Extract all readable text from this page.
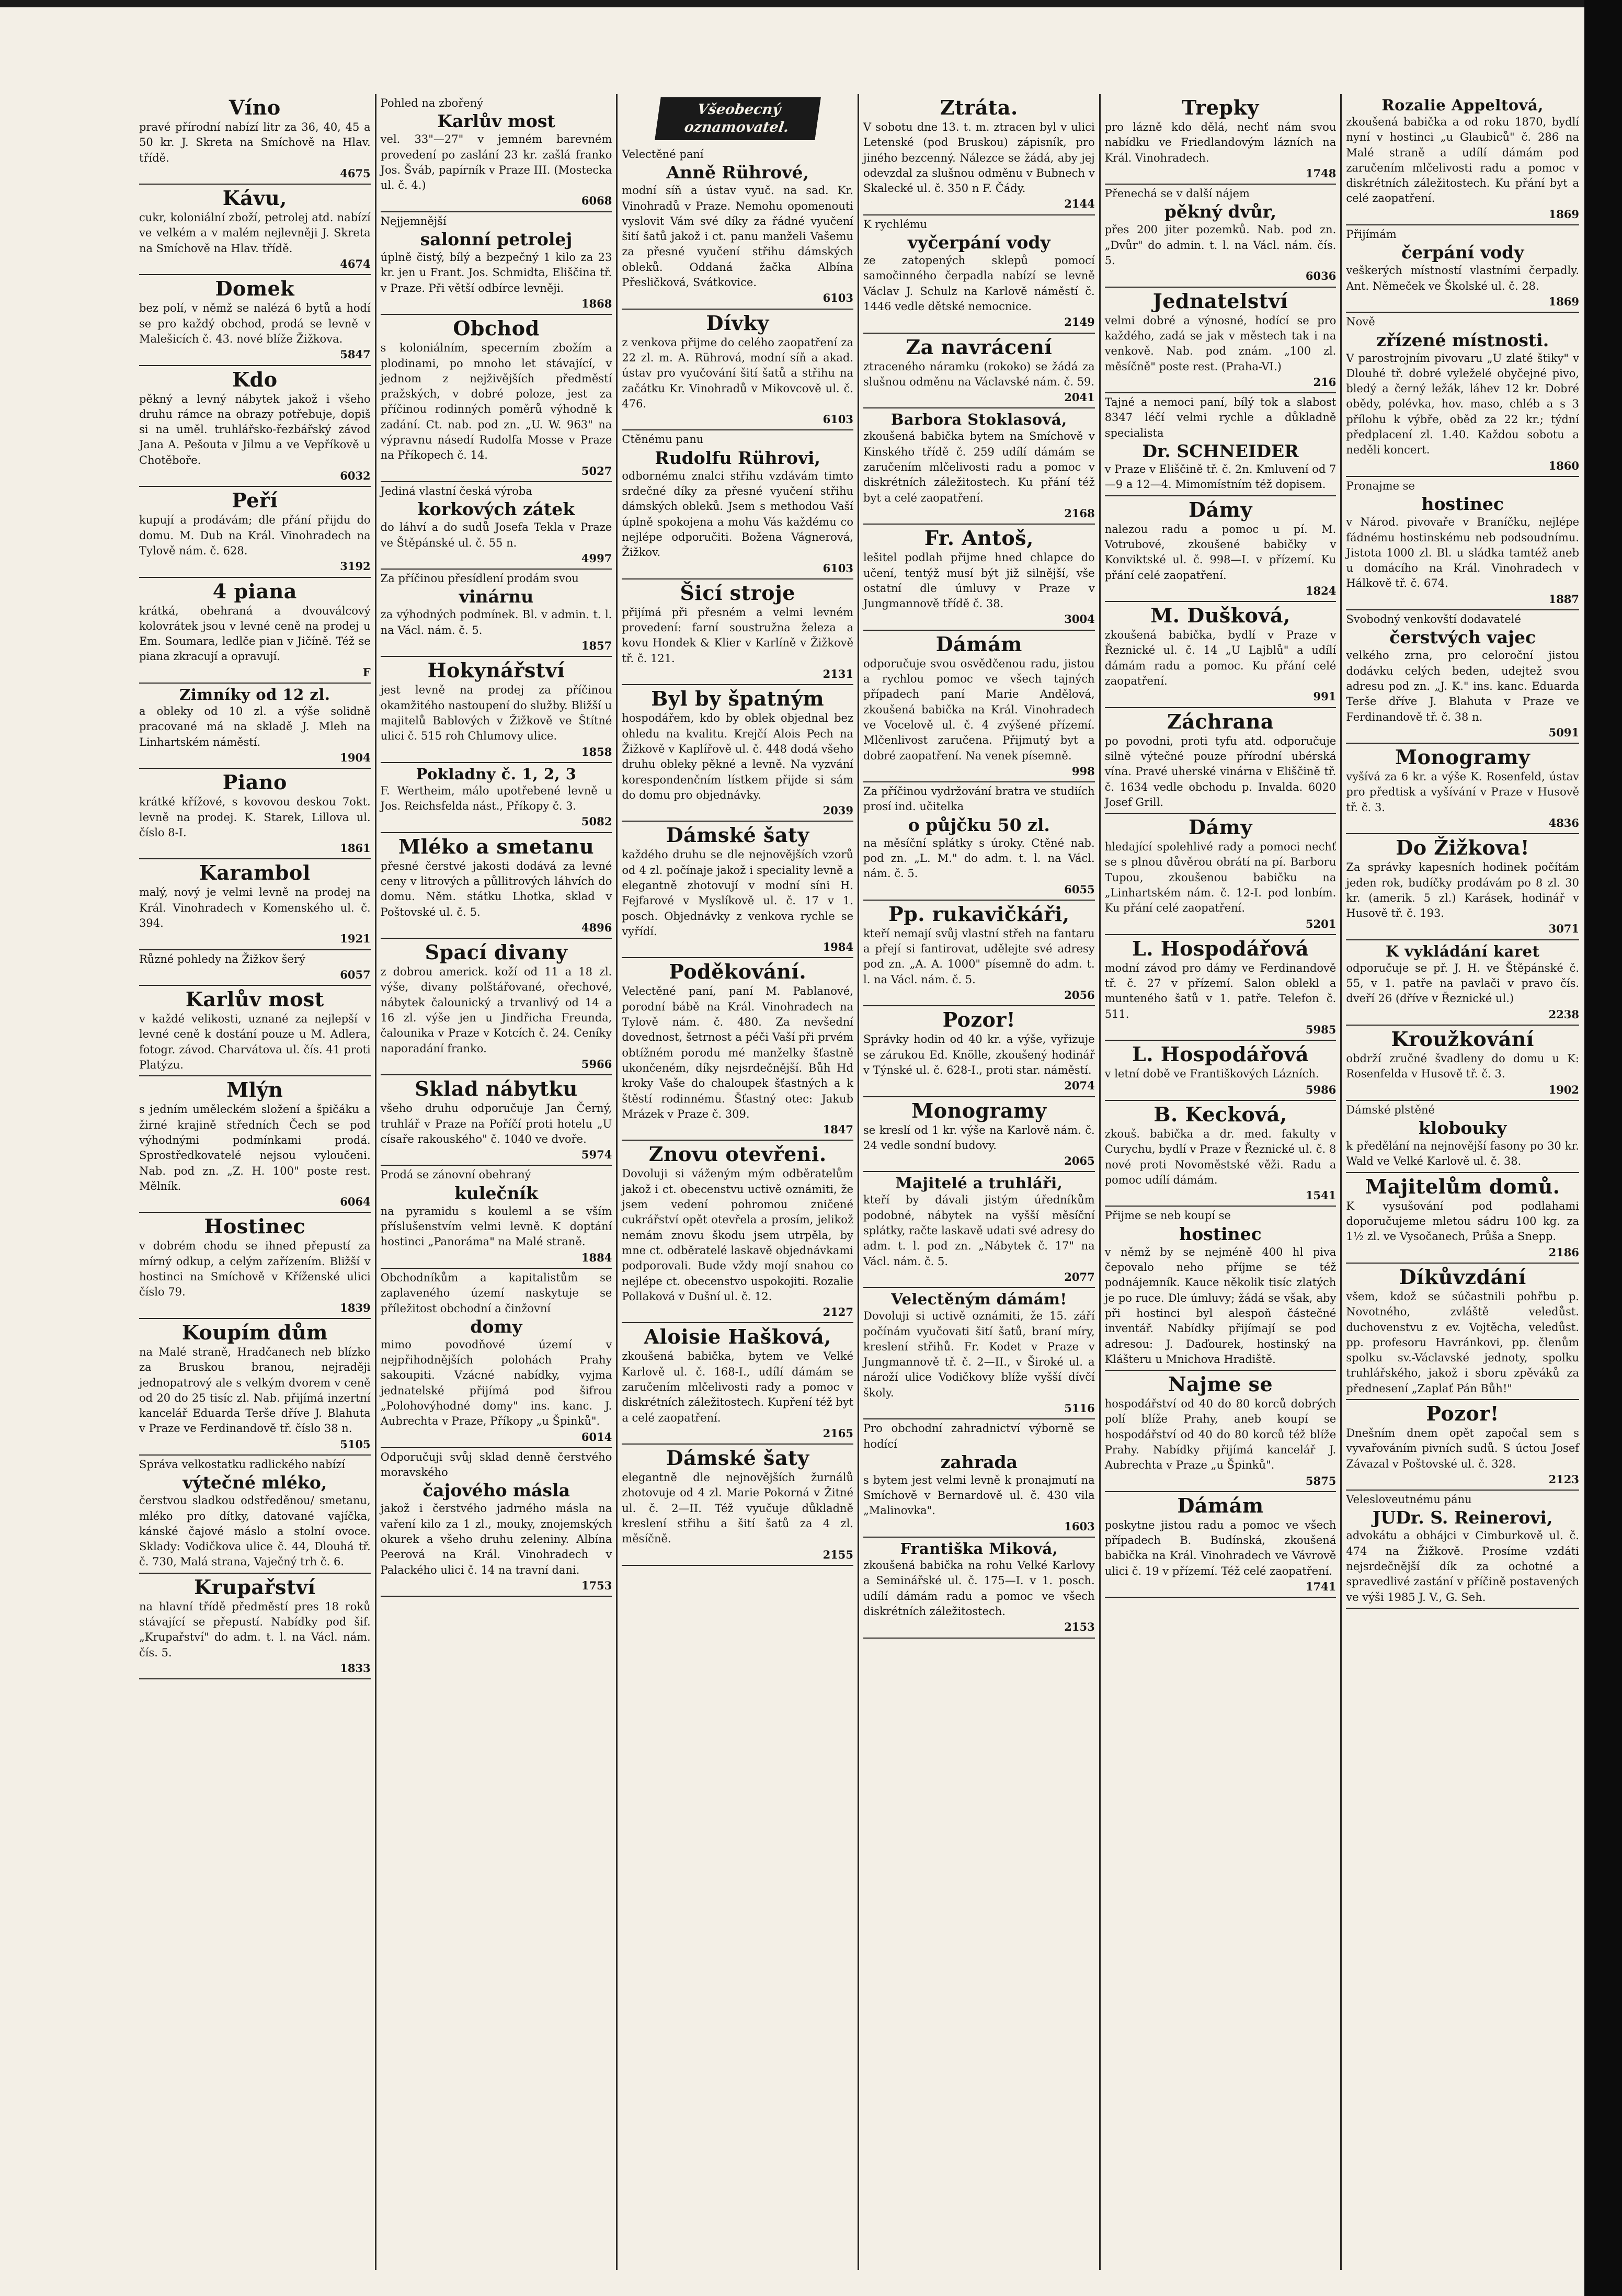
Víno
pravé přírodní nabízí litr za 36, 40, 45 a 50 kr. J. Skreta na Smíchově na Hlav. třídě.
4675
Kávu,
cukr, koloniální zboží, petrolej atd. nabízí ve velkém a v malém nejlevněji J. Skreta na Smíchově na Hlav. třídě.
4674
Domek
bez polí, v němž se nalézá 6 bytů a hodí se pro každý obchod, prodá se levně v Malešicích č. 43. nové blíže Žižkova.
5847
Kdo
pěkný a levný nábytek jakož i všeho druhu rámce na obrazy potřebuje, dopiš si na uměl. truhlářsko-řezbářský závod Jana A. Pešouta v Jilmu a ve Vepříkově u Chotěboře.
6032
Peří
kupují a prodávám; dle přání přijdu do domu. M. Dub na Král. Vinohradech na Tylově nám. č. 628.
3192
4 piana
krátká, obehraná a dvouválcový kolovrátek jsou v levné ceně na prodej u Em. Soumara, ledlče pian v Jičíně. Též se piana zkracují a opravují.
F
Zimníky od 12 zl.
a obleky od 10 zl. a výše solidně pracované má na skladě J. Mleh na Linhartském náměstí.
1904
Piano
krátké křížové, s kovovou deskou 7okt. levně na prodej. K. Starek, Lillova ul. číslo 8-I.
1861
Karambol
malý, nový je velmi levně na prodej na Král. Vinohradech v Komenského ul. č. 394.
1921
Různé pohledy na Žižkov šerý
6057
Karlův most
v každé velikosti, uznané za nejlepší v levné ceně k dostání pouze u M. Adlera, fotogr. závod. Charvátova ul. čís. 41 proti Platýzu.
Mlýn
s jedním uměleckém složení a špičáku a žirné krajině středních Čech se pod výhodnými podmínkami prodá. Sprostředkovatelé nejsou vyloučeni. Nab. pod zn. „Z. H. 100" poste rest. Mělník.
6064
Hostinec
v dobrém chodu se ihned přepustí za mírný odkup, a celým zařízením. Bližší v hostinci na Smíchově v Kříženské ulici číslo 79.
1839
Koupím dům
na Malé straně, Hradčanech neb blízko za Bruskou branou, nejraději jednopatrový ale s velkým dvorem v ceně od 20 do 25 tisíc zl. Nab. přijímá inzertní kancelář Eduarda Terše dříve J. Blahuta v Praze ve Ferdinandově tř. číslo 38 n.
5105
Správa velkostatku radlického nabízí
výtečné mléko,
čerstvou sladkou odstředěnou/ smetanu, mléko pro dítky, datované vajíčka, kánské čajové máslo a stolní ovoce. Sklady: Vodičkova ulice č. 44, Dlouhá tř. č. 730, Malá strana, Vaječný trh č. 6.
Krupařství
na hlavní třídě předměstí pres 18 roků stávající se přepustí. Nabídky pod šif. „Krupařství" do adm. t. l. na Václ. nám. čís. 5.
1833
Pohled na zbořený
Karlův most
vel. 33"—27" v jemném barevném provedení po zaslání 23 kr. zašlá franko Jos. Šváb, papírník v Praze III. (Mostecka ul. č. 4.)
6068
Nejjemnější
salonní petrolej
úplně čistý, bílý a bezpečný 1 kilo za 23 kr. jen u Frant. Jos. Schmidta, Eliščina tř. v Praze. Při větší odbírce levněji.
1868
Obchod
s koloniálním, specerním zbožím a plodinami, po mnoho let stávající, v jednom z nejživějších předměstí pražských, v dobré poloze, jest za příčinou rodinných poměrů výhodně k zadání. Ct. nab. pod zn. „U. W. 963" na výpravnu násedí Rudolfa Mosse v Praze na Příkopech č. 14.
5027
Jediná vlastní česká výroba
korkových zátek
do láhví a do sudů Josefa Tekla v Praze ve Štěpánské ul. č. 55 n.
4997
Za příčinou přesídlení prodám svou
vinárnu
za výhodných podmínek. Bl. v admin. t. l. na Václ. nám. č. 5.
1857
Hokynářství
jest levně na prodej za příčinou okamžitého nastoupení do služby. Bližší u majitelů Bablových v Žižkově ve Štítné ulici č. 515 roh Chlumovy ulice.
1858
Pokladny č. 1, 2, 3
F. Wertheim, málo upotřebené levně u Jos. Reichsfelda nást., Příkopy č. 3.
5082
Mléko a smetanu
přesné čerstvé jakosti dodává za levné ceny v litrových a půllitrových láhvích do domu. Něm. státku Lhotka, sklad v Poštovské ul. č. 5.
4896
Spací divany
z dobrou americk. koží od 11 a 18 zl. výše, divany polštářované, ořechové, nábytek čalounický a trvanlivý od 14 a 16 zl. výše jen u Jindřicha Freunda, čalounika v Praze v Kotcích č. 24. Ceníky naporadání franko.
5966
Sklad nábytku
všeho druhu odporučuje Jan Černý, truhlář v Praze na Poříčí proti hotelu „U císaře rakouského" č. 1040 ve dvoře.
5974
Prodá se zánovní obehraný
kulečník
na pyramidu s kouleml a se vším příslušenstvím velmi levně. K doptání hostinci „Panoráma" na Malé straně.
1884
Obchodníkům a kapitalistům se zaplaveného území naskytuje se příležitost obchodní a činžovní
domy
mimo povodňové území v nejpřihodnějších polohách Prahy sakoupiti. Vzácné nabídky, vyjma jednatelské přijímá pod šifrou „Polohovýhodné domy" ins. kanc. J. Aubrechta v Praze, Příkopy „u Špinků".
6014
Odporučuji svůj sklad denně čerstvého moravského
čajového másla
jakož i čerstvého jadrného másla na vaření kilo za 1 zl., mouky, znojemských okurek a všeho druhu zeleniny. Albína Peerová na Král. Vinohradech v Palackého ulici č. 14 na travní dani.
1753
Všeobecný
oznamovatel.
Velectěné paní
Anně Rührové,
modní síň a ústav vyuč. na sad. Kr. Vinohradů v Praze. Nemohu opomenouti vyslovit Vám své díky za řádné vyučení šití šatů jakož i ct. panu manželi Vašemu za přesné vyučení střihu dámských obleků. Oddaná žačka Albína Přesličková, Svátkovice.
6103
Dívky
z venkova přijme do celého zaopatření za 22 zl. m. A. Rührová, modní síň a akad. ústav pro vyučování šití šatů a střihu na začátku Kr. Vinohradů v Mikovcově ul. č. 476.
6103
Ctěnému panu
Rudolfu Rührovi,
odbornému znalci střihu vzdávám timto srdečné díky za přesné vyučení střihu dámských obleků. Jsem s methodou Vaší úplně spokojena a mohu Vás každému co nejlépe odporučiti. Božena Vágnerová, Žižkov.
6103
Šicí stroje
přijímá při přesném a velmi levném provedení: farní soustružna železa a kovu Hondek & Klier v Karlíně v Žižkově tř. č. 121.
2131
Byl by špatným
hospodářem, kdo by oblek objednal bez ohledu na kvalitu. Krejčí Alois Pech na Žižkově v Kaplířově ul. č. 448 dodá všeho druhu obleky pěkné a levně. Na vyzvání korespondenčním lístkem přijde si sám do domu pro objednávky.
2039
Dámské šaty
každého druhu se dle nejnovějších vzorů od 4 zl. počínaje jakož i speciality levně a elegantně zhotovují v modní síni H. Fejfarové v Myslíkově ul. č. 17 v 1. posch. Objednávky z venkova rychle se vyřídí.
1984
Poděkování.
Velectěné paní, paní M. Pablanové, porodní bábě na Král. Vinohradech na Tylově nám. č. 480. Za nevšední dovednost, šetrnost a péči Vaší při prvém obtížném porodu mé manželky šťastně ukončeném, díky nejsrdečnější. Bůh Hd kroky Vaše do chaloupek šťastných a k štěstí rodinnému. Šťastný otec: Jakub Mrázek v Praze č. 309.
1847
Znovu otevřeni.
Dovoluji si váženým mým odběratelům jakož i ct. obecenstvu uctivě oznámiti, že jsem vedení pohromou zničené cukrářství opět otevřela a prosím, jelikož nemám znovu škodu jsem utrpěla, by mne ct. odběratelé laskavě objednávkami podporovali. Bude vždy mojí snahou co nejlépe ct. obecenstvo uspokojiti. Rozalie Pollaková v Dušní ul. č. 12.
2127
Aloisie Hašková,
zkoušená babička, bytem ve Velké Karlově ul. č. 168-I., udílí dámám se zaručením mlčelivosti rady a pomoc v diskrétních záležitostech. Kupření též byt a celé zaopatření.
2165
Dámské šaty
elegantně dle nejnovějších žurnálů zhotovuje od 4 zl. Marie Pokorná v Žitné ul. č. 2—II. Též vyučuje důkladně kreslení střihu a šití šatů za 4 zl. měsíčně.
2155
Ztráta.
V sobotu dne 13. t. m. ztracen byl v ulici Letenské (pod Bruskou) zápisník, pro jiného bezcenný. Nálezce se žádá, aby jej odevzdal za slušnou odměnu v Bubnech v Skalecké ul. č. 350 n F. Čády.
2144
K rychlému
vyčerpání vody
ze zatopených sklepů pomocí samočinného čerpadla nabízí se levně Václav J. Schulz na Karlově náměstí č. 1446 vedle dětské nemocnice.
2149
Za navrácení
ztraceného náramku (rokoko) se žádá za slušnou odměnu na Václavské nám. č. 59.
2041
Barbora Stoklasová,
zkoušená babička bytem na Smíchově v Kinského třídě č. 259 udílí dámám se zaručením mlčelivosti radu a pomoc v diskrétních záležitostech. Ku přání též byt a celé zaopatření.
2168
Fr. Antoš,
lešitel podlah přijme hned chlapce do učení, tentýž musí být již silnější, vše ostatní dle úmluvy v Praze v Jungmannově třídě č. 38.
3004
Dámám
odporučuje svou osvědčenou radu, jistou a rychlou pomoc ve všech tajných případech paní Marie Andělová, zkoušená babička na Král. Vinohradech ve Vocelově ul. č. 4 zvýšené přízemí. Mlčenlivost zaručena. Přijmutý byt a dobré zaopatření. Na venek písemně.
998
Za příčinou vydržování bratra ve studiích prosí ind. učitelka
o půjčku 50 zl.
na měsíční splátky s úroky. Ctěné nab. pod zn. „L. M." do adm. t. l. na Václ. nám. č. 5.
6055
Pp. rukavičkáři,
kteří nemají svůj vlastní střeh na fantaru a přejí si fantirovat, udělejte své adresy pod zn. „A. A. 1000" písemně do adm. t. l. na Václ. nám. č. 5.
2056
Pozor!
Správky hodin od 40 kr. a výše, vyřizuje se zárukou Ed. Knölle, zkoušený hodinář v Týnské ul. č. 628-I., proti star. náměstí.
2074
Monogramy
se kreslí od 1 kr. výše na Karlově nám. č. 24 vedle sondní budovy.
2065
Majitelé a truhláři,
kteří by dávali jistým úředníkům podobné, nábytek na vyšší měsíční splátky, račte laskavě udati své adresy do adm. t. l. pod zn. „Nábytek č. 17" na Václ. nám. č. 5.
2077
Velectěným dámám!
Dovoluji si uctivě oznámiti, že 15. září počínám vyučovati šití šatů, braní míry, kreslení střihů. Fr. Kodet v Praze v Jungmannově tř. č. 2—II., v Široké ul. a nároží ulice Vodičkovy blíže vyšší dívčí školy.
5116
Pro obchodní zahradnictví výborně se hodící
zahrada
s bytem jest velmi levně k pronajmutí na Smíchově v Bernardově ul. č. 430 vila „Malinovka".
1603
Františka Miková,
zkoušená babička na rohu Velké Karlovy a Seminářské ul. č. 175—I. v 1. posch. udílí dámám radu a pomoc ve všech diskrétních záležitostech.
2153
Trepky
pro lázně kdo dělá, nechť nám svou nabídku ve Friedlandovým lázních na Král. Vinohradech.
1748
Přenechá se v další nájem
pěkný dvůr,
přes 200 jiter pozemků. Nab. pod zn. „Dvůr" do admin. t. l. na Václ. nám. čís. 5.
6036
Jednatelství
velmi dobré a výnosné, hodící se pro každého, zadá se jak v městech tak i na venkově. Nab. pod znám. „100 zl. měsíčně" poste rest. (Praha-VI.)
216
Tajné a nemoci paní, bílý tok a slabost 8347 léčí velmi rychle a důkladně specialista
Dr. SCHNEIDER
v Praze v Eliščině tř. č. 2n. Kmluvení od 7—9 a 12—4. Mimomístním též dopisem.
Dámy
nalezou radu a pomoc u pí. M. Votrubové, zkoušené babičky v Konviktské ul. č. 998—I. v přízemí. Ku přání celé zaopatření.
1824
M. Dušková,
zkoušená babička, bydlí v Praze v Řeznické ul. č. 14 „U Lajblů" a udílí dámám radu a pomoc. Ku přání celé zaopatření.
991
Záchrana
po povodni, proti tyfu atd. odporučuje silně výtečné pouze přírodní ubérská vína. Pravé uherské vinárna v Eliščině tř. č. 1634 vedle obchodu p. Invalda. 6020 Josef Grill.
Dámy
hledající spolehlivé rady a pomoci nechť se s plnou důvěrou obrátí na pí. Barboru Tupou, zkoušenou babičku na „Linhartském nám. č. 12-I. pod lonbím. Ku přání celé zaopatření.
5201
L. Hospodářová
modní závod pro dámy ve Ferdinandově tř. č. 27 v přízemí. Salon oblekl a munteného šatů v 1. patře. Telefon č. 511.
5985
L. Hospodářová
v letní době ve Františkových Lázních.
5986
B. Kecková,
zkouš. babička a dr. med. fakulty v Curychu, bydlí v Praze v Řeznické ul. č. 8 nové proti Novoměstské věži. Radu a pomoc udílí dámám.
1541
Přijme se neb koupí se
hostinec
v němž by se nejméně 400 hl piva čepovalo neho příjme se též podnájemník. Kauce několik tisíc zlatých je po ruce. Dle úmluvy; žádá se však, aby při hostinci byl alespoň částečné inventář. Nabídky přijímají se pod adresou: J. Daďourek, hostinský na Klášteru u Mnichova Hradiště.
Najme se
hospodářství od 40 do 80 korců dobrých polí blíže Prahy, aneb koupí se hospodářství od 40 do 80 korců též blíže Prahy. Nabídky přijímá kancelář J. Aubrechta v Praze „u Špinků".
5875
Dámám
poskytne jistou radu a pomoc ve všech případech B. Budínská, zkoušená babička na Král. Vinohradech ve Vávrově ulici č. 19 v přízemí. Též celé zaopatření.
1741
Rozalie Appeltová,
zkoušená babička a od roku 1870, bydlí nyní v hostinci „u Glaubiců" č. 286 na Malé straně a udílí dámám pod zaručením mlčelivosti radu a pomoc v diskrétních záležitostech. Ku přání byt a celé zaopatření.
1869
Přijímám
čerpání vody
veškerých místností vlastními čerpadly. Ant. Němeček ve Školské ul. č. 28.
1869
Nově
zřízené místnosti.
V parostrojním pivovaru „U zlaté štiky" v Dlouhé tř. dobré vyleželé obyčejné pivo, bledý a černý ležák, láhev 12 kr. Dobré obědy, polévka, hov. maso, chléb a s 3 přílohu k výbře, oběd za 22 kr.; týdní předplacení zl. 1.40. Každou sobotu a neděli koncert.
1860
Pronajme se
hostinec
v Národ. pivovaře v Braníčku, nejlépe fádnému hostinskému neb podsoudnímu. Jistota 1000 zl. Bl. u sládka tamtéž aneb u domácího na Král. Vinohradech v Hálkově tř. č. 674.
1887
Svobodný venkovští dodavatelé
čerstvých vajec
velkého zrna, pro celoroční jistou dodávku celých beden, udejtež svou adresu pod zn. „J. K." ins. kanc. Eduarda Terše dříve J. Blahuta v Praze ve Ferdinandově tř. č. 38 n.
5091
Monogramy
vyšívá za 6 kr. a výše K. Rosenfeld, ústav pro předtisk a vyšívání v Praze v Husově tř. č. 3.
4836
Do Žižkova!
Za správky kapesních hodinek počítám jeden rok, budíčky prodávám po 8 zl. 30 kr. (amerik. 5 zl.) Karásek, hodinář v Husově tř. č. 193.
3071
K vykládání karet
odporučuje se př. J. H. ve Štěpánské č. 55, v 1. patře na pavlači v pravo čís. dveří 26 (dříve v Řeznické ul.)
2238
Kroužkování
obdrží zručné švadleny do domu u K: Rosenfelda v Husově tř. č. 3.
1902
Dámské plstěné
klobouky
k předělání na nejnovější fasony po 30 kr. Wald ve Velké Karlově ul. č. 38.
Majitelům domů.
K vysušování pod podlahami doporučujeme mletou sádru 100 kg. za 1½ zl. ve Vysočanech, Průša a Snepp.
2186
Díkůvzdání
všem, kdož se súčastnili pohřbu p. Novotného, zvláště veledůst. duchovenstvu z ev. Vojtěcha, veledůst. pp. profesoru Havránkovi, pp. členům spolku sv.-Václavské jednoty, spolku truhlářského, jakož i sboru zpěváků za přednesení „Zaplať Pán Bůh!"
Pozor!
Dnešním dnem opět započal sem s vyvařováním pivních sudů. S úctou Josef Závazal v Poštovské ul. č. 328.
2123
Velesloveutnému pánu
JUDr. S. Reinerovi,
advokátu a obhájci v Cimburkově ul. č. 474 na Žižkově. Prosíme vzdáti nejsrdečnější dík za ochotné a spravedlivé zastání v příčině postavených ve výši 1985 J. V., G. Seh.
